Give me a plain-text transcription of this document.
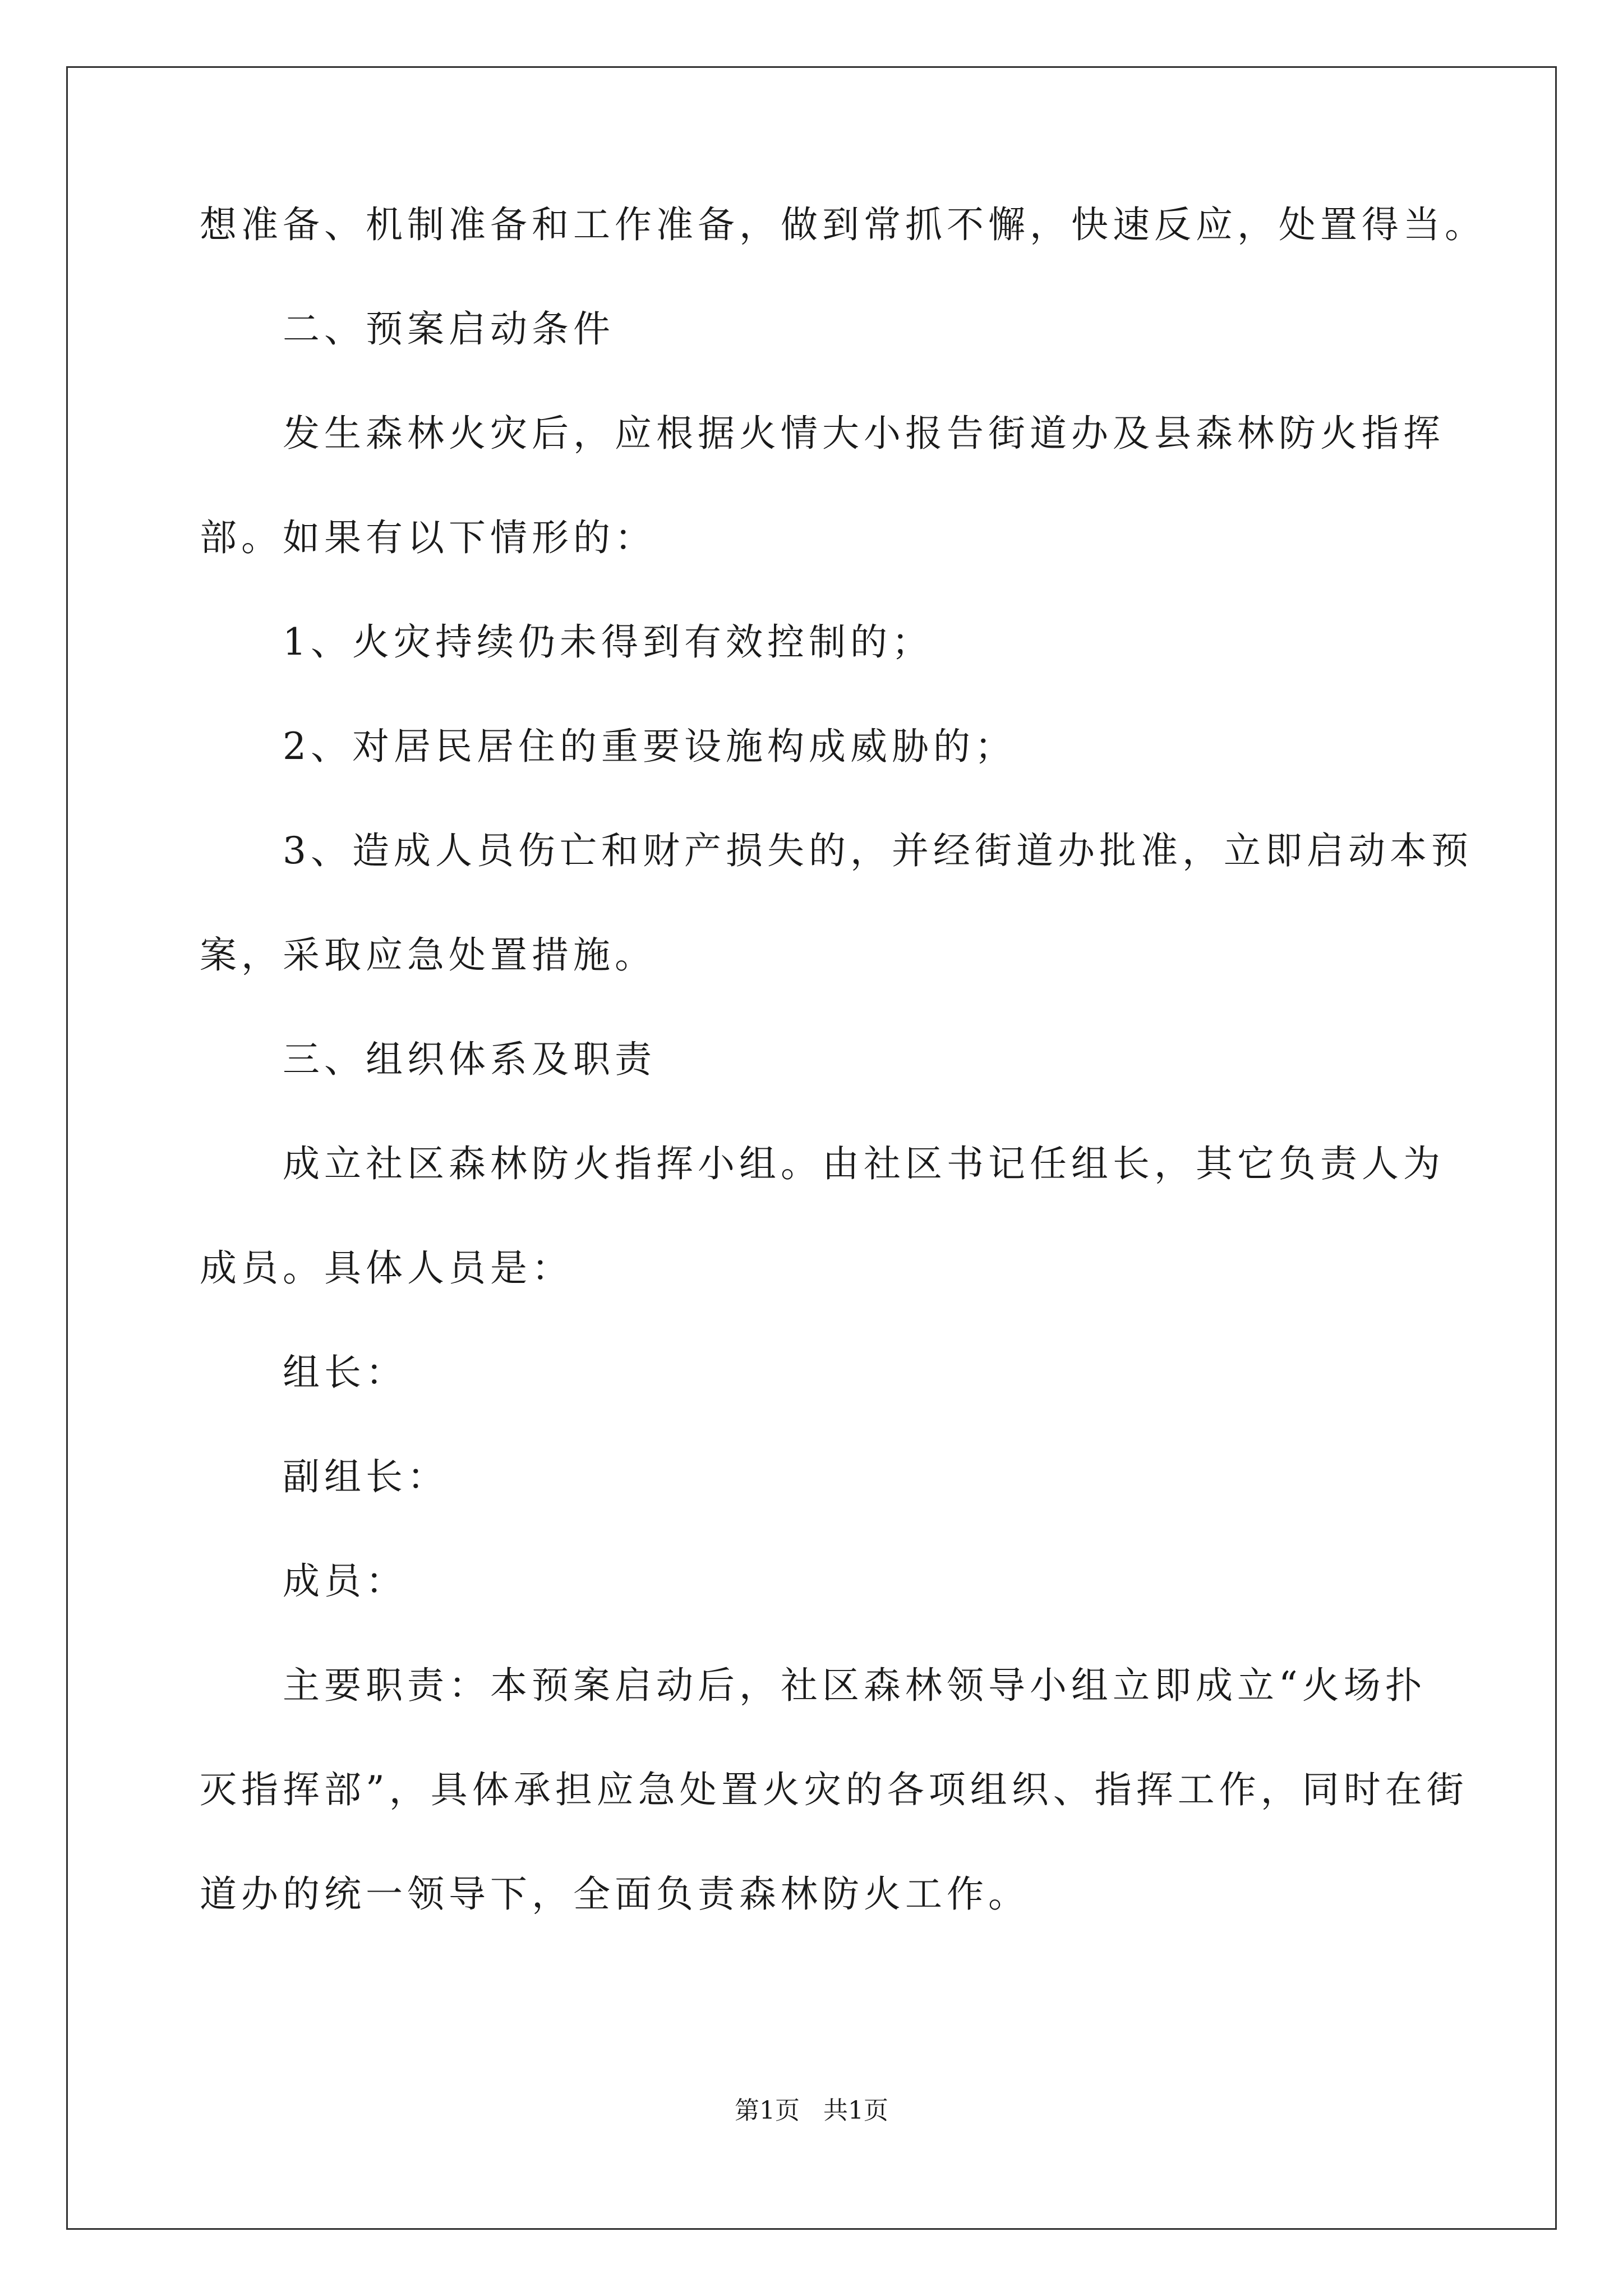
想准备、机制准备和工作准备，做到常抓不懈，快速反应，处置得当。
二、预案启动条件
发生森林火灾后，应根据火情大小报告街道办及县森林防火指挥
部。如果有以下情形的：
1、火灾持续仍未得到有效控制的；
2、对居民居住的重要设施构成威胁的；
3、造成人员伤亡和财产损失的，并经街道办批准，立即启动本预
案，采取应急处置措施。
三、组织体系及职责
成立社区森林防火指挥小组。由社区书记任组长，其它负责人为
成员。具体人员是：
组长：
副组长：
成员：
主要职责：本预案启动后，社区森林领导小组立即成立“火场扑
灭指挥部”，具体承担应急处置火灾的各项组织、指挥工作，同时在街
道办的统一领导下，全面负责森林防火工作。
第1页   共1页
